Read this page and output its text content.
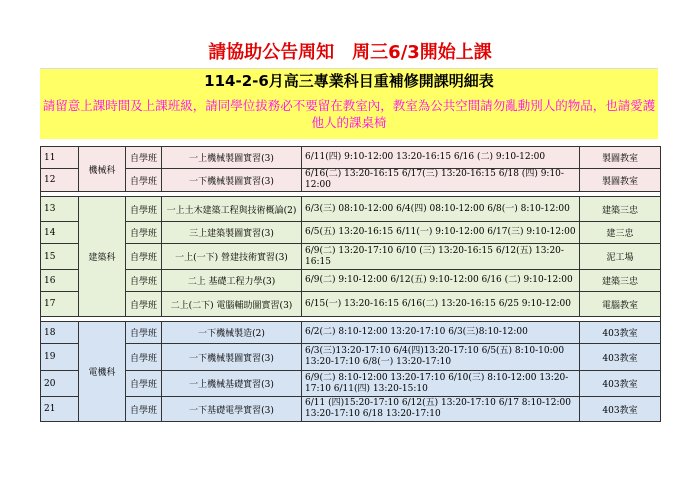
請協助公告周知　周三6/3開始上課
114-2-6月高三專業科目重補修開課明細表
請留意上課時間及上課班級，請同學位拔務必不要留在教室內，教室為公共空間請勿亂動別人的物品，也請愛護他人的課桌椅
11	機械科	自學班	一上機械製圖實習(3)	6/11(四) 9:10-12:00 13:20-16:15 6/16 (二) 9:10-12:00	製圖教室
12		自學班	一下機械製圖實習(3)	6/16(二) 13:20-16:15 6/17(三) 13:20-16:15 6/18 (四) 9:10-
12:00	製圖教室

13	建築科	自學班	一上土木建築工程與技術概論(2)	6/3(三) 08:10-12:00 6/4(四) 08:10-12:00 6/8(一) 8:10-12:00	建築三忠
14		自學班	三上建築製圖實習(3)	6/5(五) 13:20-16:15 6/11(一) 9:10-12:00 6/17(三) 9:10-12:00	建三忠
15		自學班	一上(一下) 營建技術實習(3)	6/9(二) 13:20-17:10 6/10 (三) 13:20-16:15 6/12(五) 13:20-
16:15	泥工場
16		自學班	二上 基礎工程力學(3)	6/9(二) 9:10-12:00 6/12(五) 9:10-12:00 6/16 (二) 9:10-12:00	建築三忠
17		自學班	二上(二下) 電腦輔助圖實習(3)	6/15(一) 13:20-16:15 6/16(二) 13:20-16:15 6/25 9:10-12:00	電腦教室

18	電機科	自學班	一下機械製造(2)	6/2(二) 8:10-12:00 13:20-17:10 6/3(三)8:10-12:00	403教室
19		自學班	一下機械製圖實習(3)	6/3(三)13:20-17:10 6/4(四)13:20-17:10 6/5(五) 8:10-10:00
13:20-17:10 6/8(一) 13:20-17:10	403教室
20		自學班	一上機械基礎實習(3)	6/9(二) 8:10-12:00 13:20-17:10 6/10(三) 8:10-12:00 13:20-
17:10 6/11(四) 13:20-15:10	403教室
21		自學班	一下基礎電學實習(3)	6/11 (四)15:20-17:10 6/12(五) 13:20-17:10 6/17 8:10-12:00
13:20-17:10 6/18 13:20-17:10	403教室
